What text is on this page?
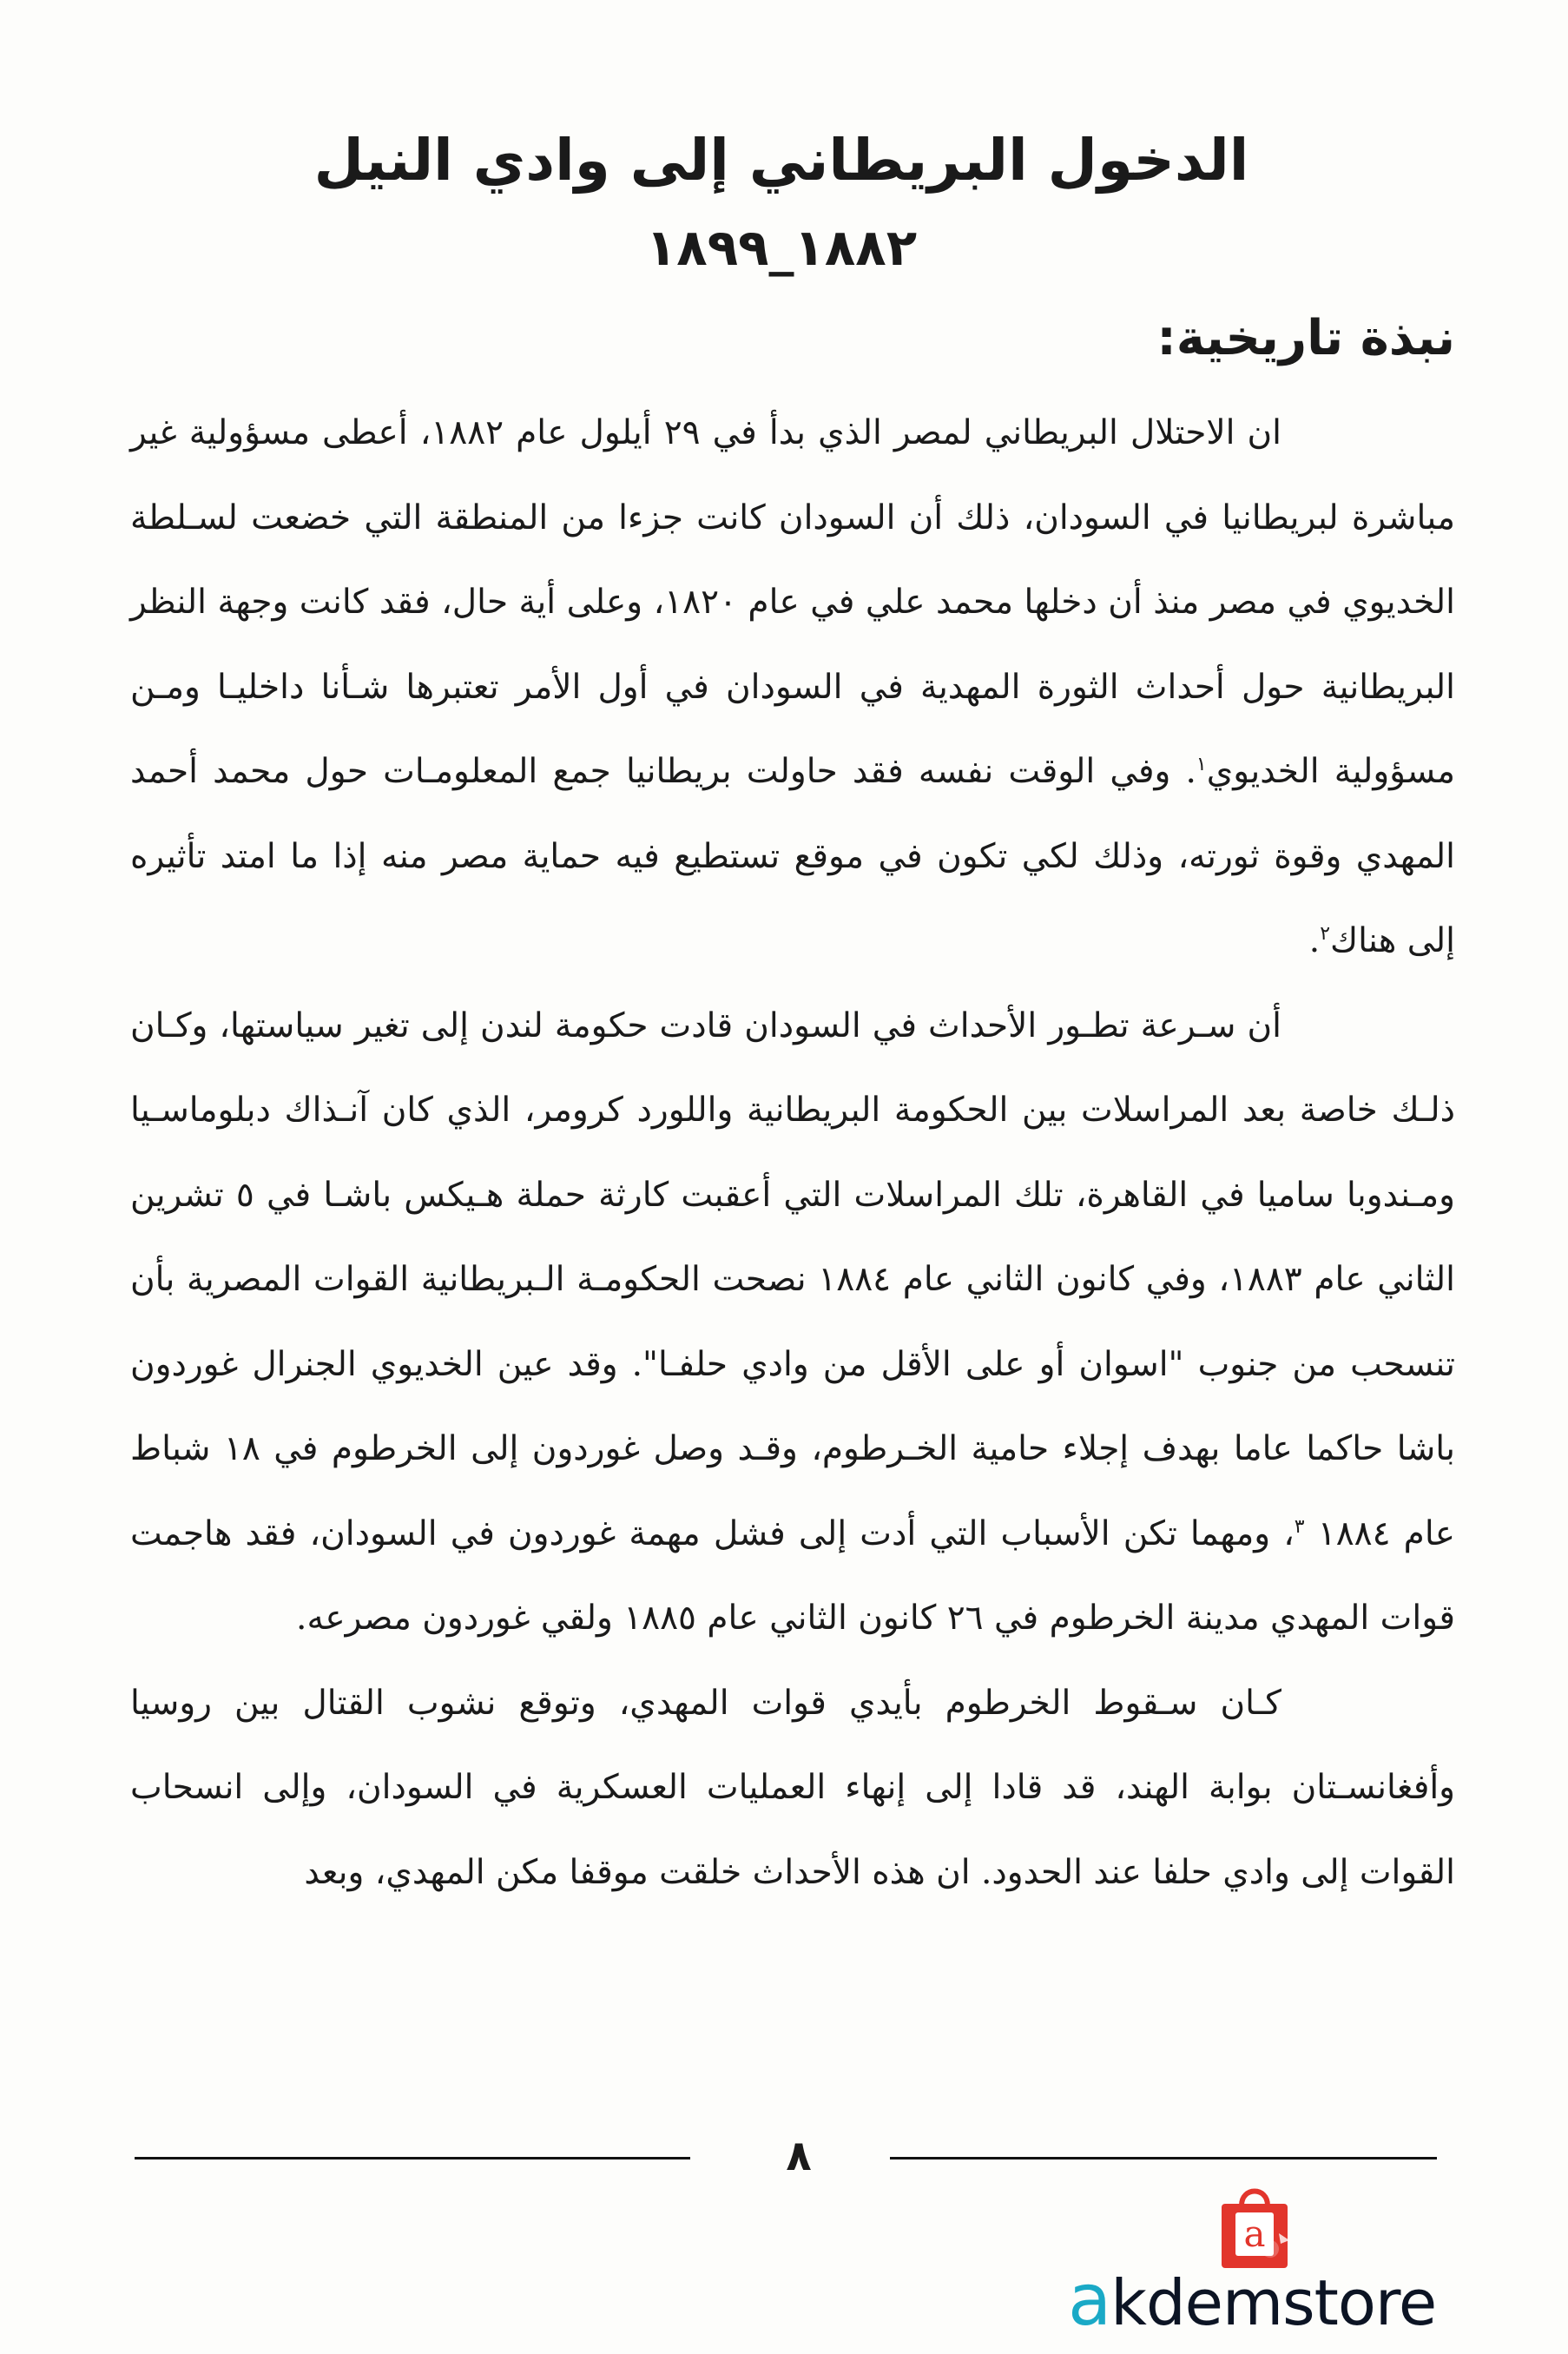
الدخول البريطاني إلى وادي النيل
١٨٨٢_١٨٩٩
نبذة تاريخية:

ان الاحتلال البريطاني لمصر الذي بدأ في ٢٩ أيلول عام ١٨٨٢، أعطى مسؤولية غير مباشرة لبريطانيا في السودان، ذلك أن السودان كانت جزءا من المنطقة التي خضعت لسـلطة الخديوي في مصر منذ أن دخلها محمد علي في عام ١٨٢٠، وعلى أية حال، فقد كانت وجهة النظر البريطانية حول أحداث الثورة المهدية في السودان في أول الأمر تعتبرها شـأنا داخليـا ومـن مسؤولية الخديوي$^١$. وفي الوقت نفسه فقد حاولت بريطانيا جمع المعلومـات حول محمد أحمد المهدي وقوة ثورته، وذلك لكي تكون في موقع تستطيع فيه حماية مصر منه إذا ما امتد تأثيره إلى هناك$^٢$.

أن سـرعة تطـور الأحداث في السودان قادت حكومة لندن إلى تغير سياستها، وكـان ذلـك خاصة بعد المراسلات بين الحكومة البريطانية واللورد كرومر، الذي كان آنـذاك دبلوماسـيا ومـندوبا ساميا في القاهرة، تلك المراسلات التي أعقبت كارثة حملة هـيكس باشـا في ٥ تشرين الثاني عام ١٨٨٣، وفي كانون الثاني عام ١٨٨٤ نصحت الحكومـة الـبريطانية القوات المصرية بأن تنسحب من جنوب "اسوان أو على الأقل من وادي حلفـا". وقد عين الخديوي الجنرال غوردون باشا حاكما عاما بهدف إجلاء حامية الخـرطوم، وقـد وصل غوردون إلى الخرطوم في ١٨ شباط عام ١٨٨٤ $^٣$، ومهما تكن الأسباب التي أدت إلى فشل مهمة غوردون في السودان، فقد هاجمت قوات المهدي مدينة الخرطوم في ٢٦ كانون الثاني عام ١٨٨٥ ولقي غوردون مصرعه.

كـان سـقوط الخرطوم بأيدي قوات المهدي، وتوقع نشوب القتال بين روسيا وأفغانسـتان بوابة الهند، قد قادا إلى إنهاء العمليات العسكرية في السودان، وإلى انسحاب القوات إلى وادي حلفا عند الحدود. ان هذه الأحداث خلقت موقفا مكن المهدي، وبعد

٨
a
akdemstore
